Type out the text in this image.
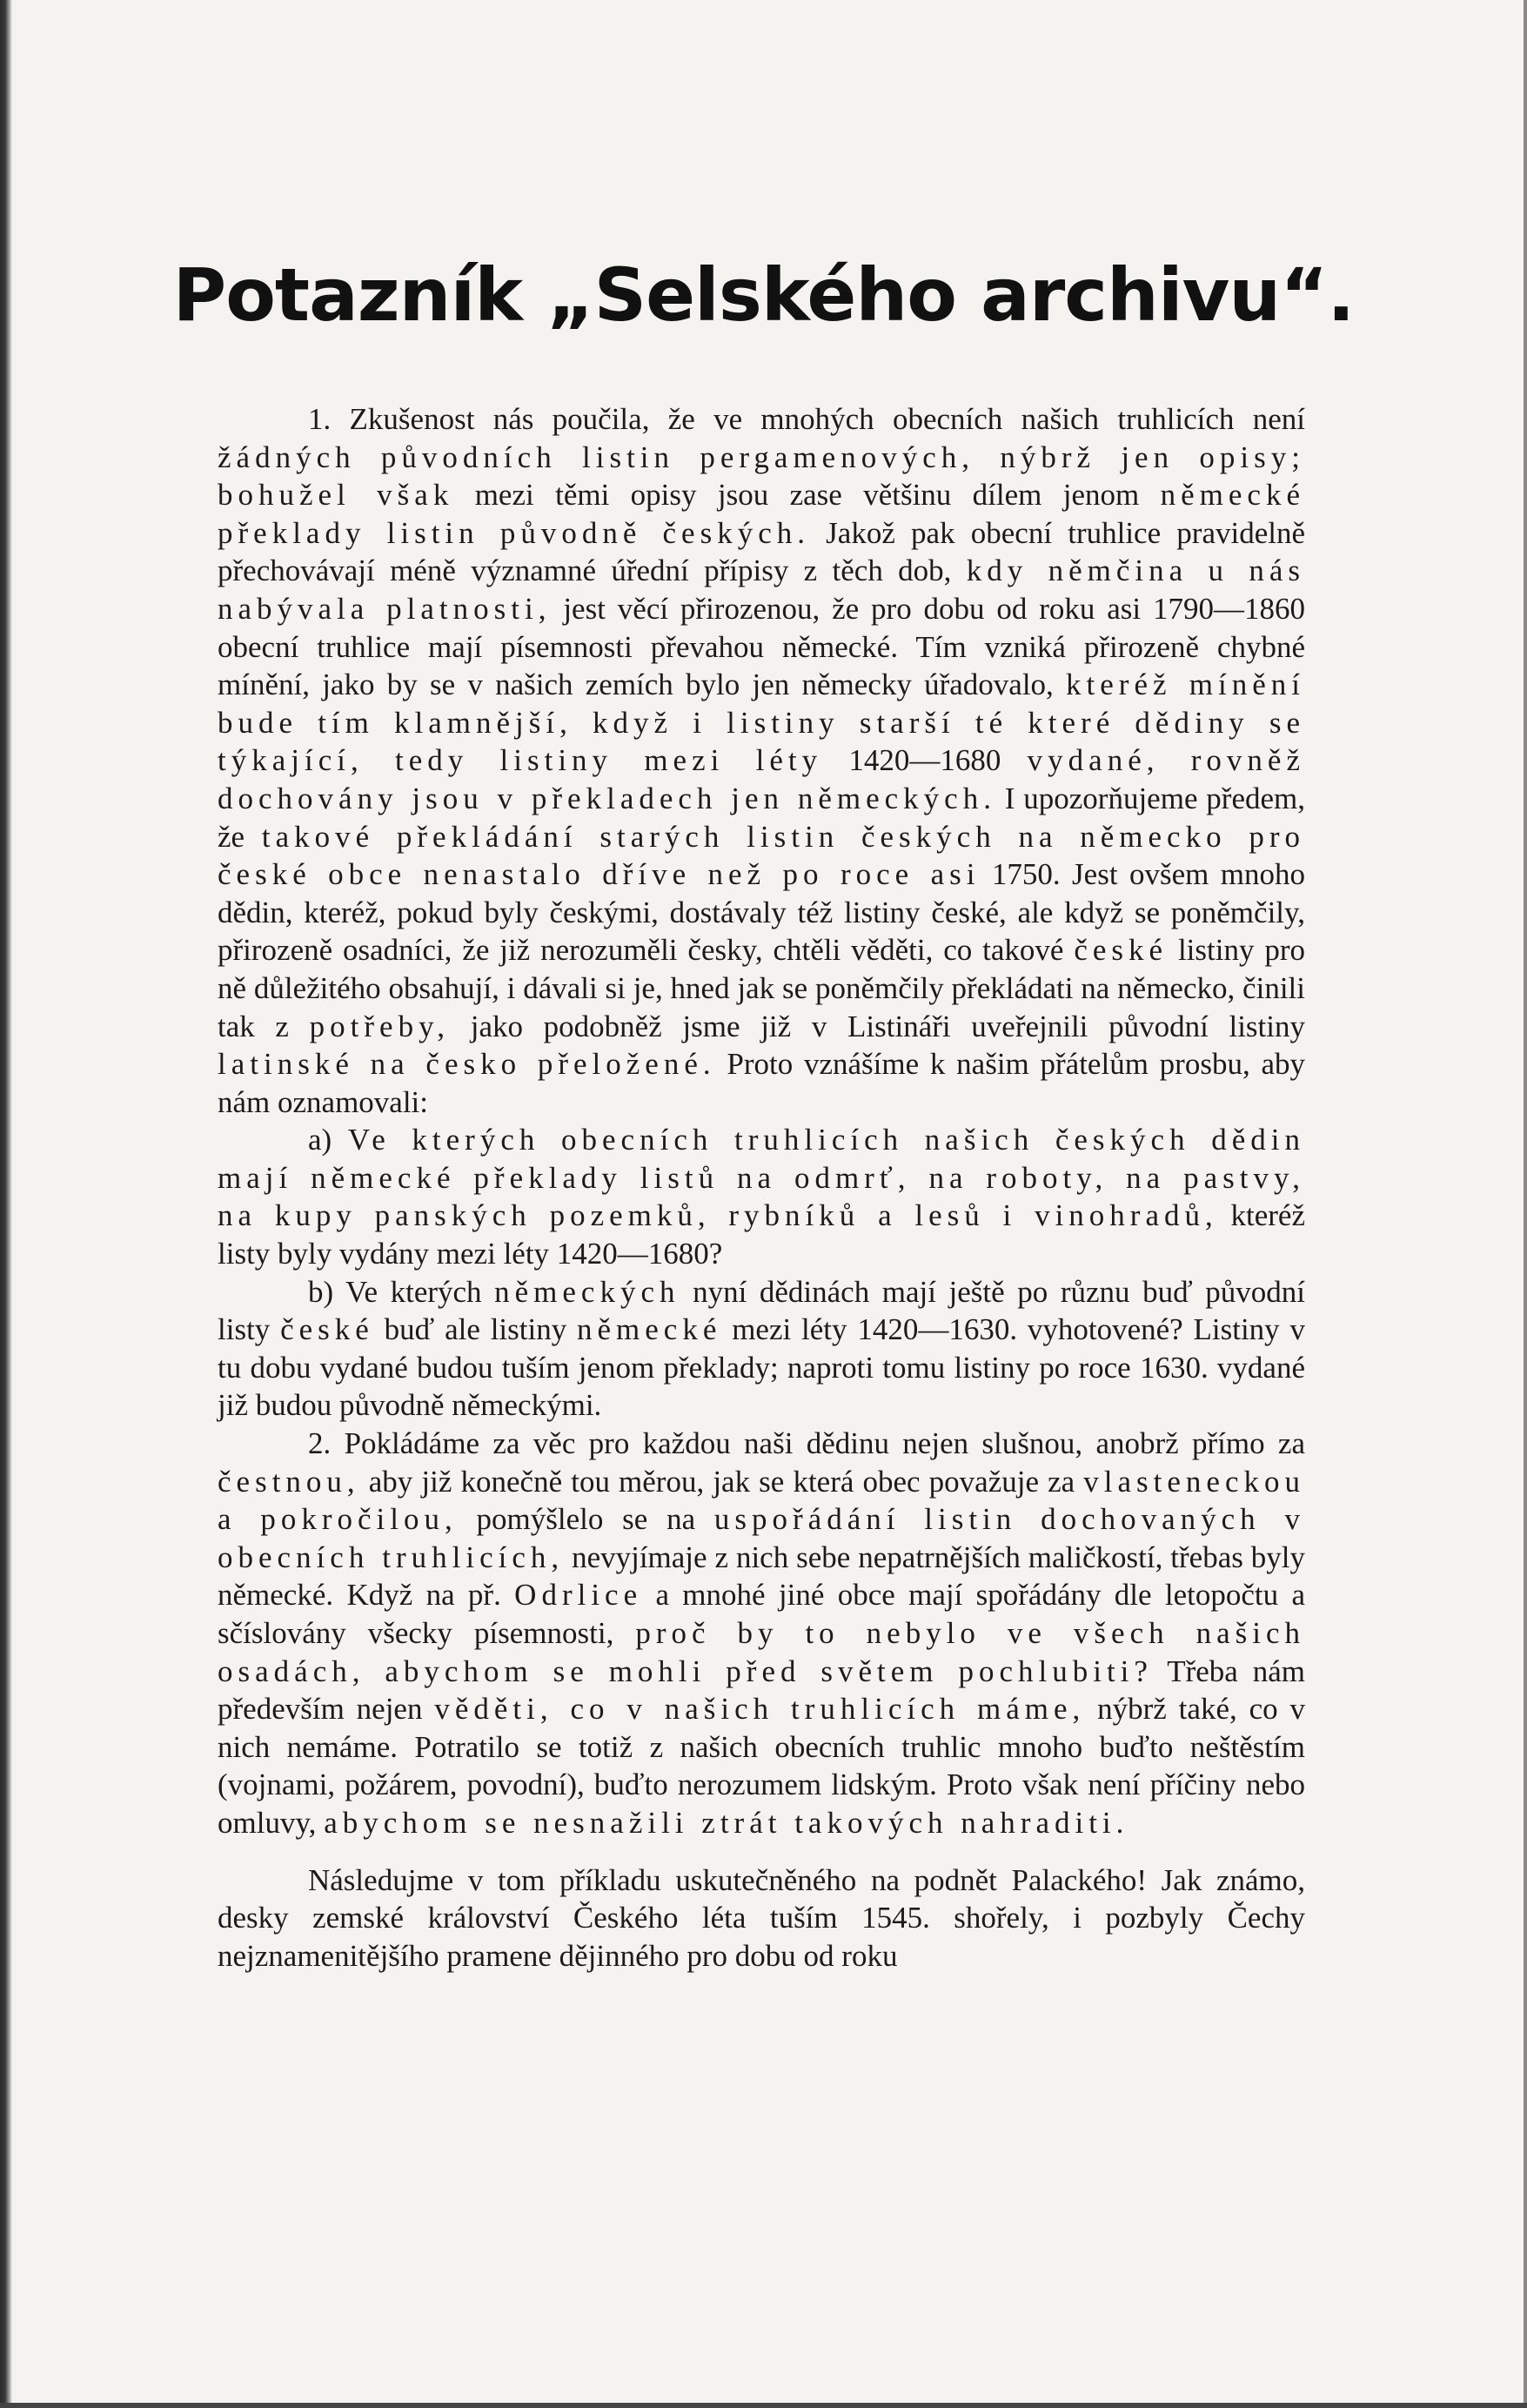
Potazník „Selského archivu“.

1. Zkušenost nás poučila, že ve mnohých obecních našich truhlicích není žádných původních listin pergamenových, nýbrž jen opisy; bohužel však mezi těmi opisy jsou zase většinu dílem jenom německé překlady listin původně českých. Jakož pak obecní truhlice pravidelně přechovávají méně významné úřední přípisy z těch dob, kdy němčina u nás nabývala platnosti, jest věcí přirozenou, že pro dobu od roku asi 1790—1860 obecní truhlice mají písemnosti převahou německé. Tím vzniká přirozeně chybné mínění, jako by se v našich zemích bylo jen německy úřadovalo, kteréž mínění bude tím klamnější, když i listiny starší té které dědiny se týkající, tedy listiny mezi léty 1420—1680 vydané, rovněž dochovány jsou v překladech jen německých. I upozorňujeme předem, že takové překládání starých listin českých na německo pro české obce nenastalo dříve než po roce asi 1750. Jest ovšem mnoho dědin, kteréž, pokud byly českými, dostávaly též listiny české, ale když se poněmčily, přirozeně osadníci, že již nerozuměli česky, chtěli věděti, co takové české listiny pro ně důležitého obsahují, i dávali si je, hned jak se poněmčily překládati na německo, činili tak z potřeby, jako podobněž jsme již v Listináři uveřejnili původní listiny latinské na česko přeložené. Proto vznášíme k našim přátelům prosbu, aby nám oznamovali:

a) Ve kterých obecních truhlicích našich českých dědin mají německé překlady listů na odmrť, na roboty, na pastvy, na kupy panských pozemků, rybníků a lesů i vinohradů, kteréž listy byly vydány mezi léty 1420—1680?

b) Ve kterých německých nyní dědinách mají ještě po různu buď původní listy české buď ale listiny německé mezi léty 1420—1630. vyhotovené? Listiny v tu dobu vydané budou tuším jenom překlady; naproti tomu listiny po roce 1630. vydané již budou původně německými.

2. Pokládáme za věc pro každou naši dědinu nejen slušnou, anobrž přímo za čestnou, aby již konečně tou měrou, jak se která obec považuje za vlasteneckou a pokročilou, pomýšlelo se na uspořádání listin dochovaných v obecních truhlicích, nevyjímaje z nich sebe nepatrnějších maličkostí, třebas byly německé. Když na př. Odrlice a mnohé jiné obce mají spořádány dle letopočtu a sčíslovány všecky písemnosti, proč by to nebylo ve všech našich osadách, abychom se mohli před světem pochlubiti? Třeba nám především nejen věděti, co v našich truhlicích máme, nýbrž také, co v nich nemáme. Potratilo se totiž z našich obecních truhlic mnoho buďto neštěstím (vojnami, požárem, povodní), buďto nerozumem lidským. Proto však není příčiny nebo omluvy, abychom se nesnažili ztrát takových nahraditi.

Následujme v tom příkladu uskutečněného na podnět Palackého! Jak známo, desky zemské království Českého léta tuším 1545. shořely, i pozbyly Čechy nejznamenitějšího pramene dějinného pro dobu od roku
